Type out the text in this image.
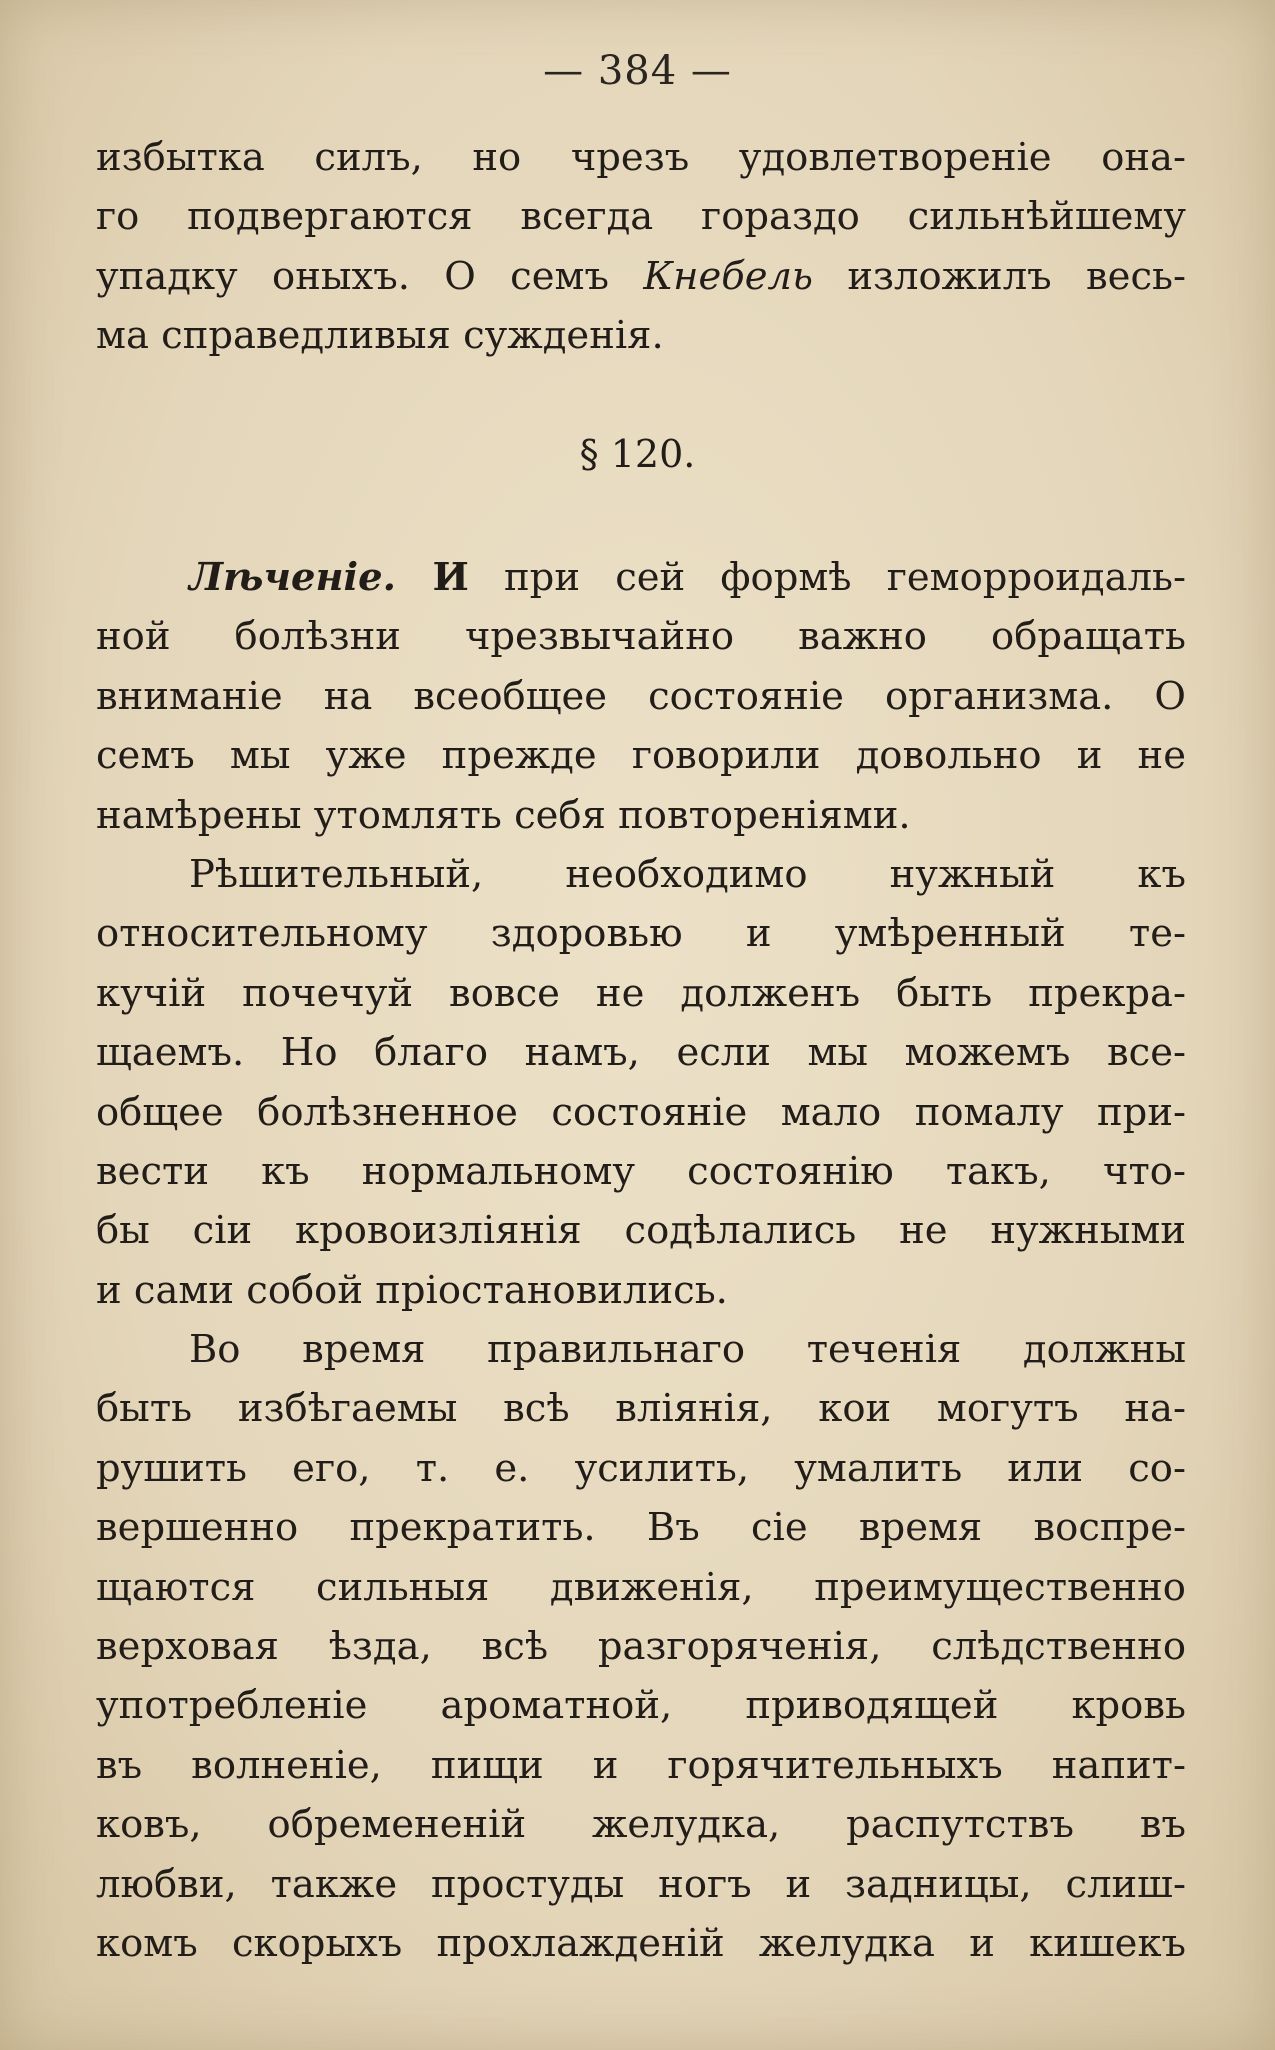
— 384 —
избытка силъ, но чрезъ удовлетвореніе она-
го подвергаются всегда гораздо сильнѣйшему
упадку оныхъ. О семъ Кнебель изложилъ весь-
ма справедливыя сужденія.
§ 120.
Лѣченіе. И при сей формѣ геморроидаль-
ной болѣзни чрезвычайно важно обращать
вниманіе на всеобщее состояніе организма. О
семъ мы уже прежде говорили довольно и не
намѣрены утомлять себя повтореніями.
Рѣшительный, необходимо нужный къ
относительному здоровью и умѣренный те-
кучій почечуй вовсе не долженъ быть прекра-
щаемъ. Но благо намъ, если мы можемъ все-
общее болѣзненное состояніе мало помалу при-
вести къ нормальному состоянію такъ, что-
бы сіи кровоизліянія содѣлались не нужными
и сами собой пріостановились.
Во время правильнаго теченія должны
быть избѣгаемы всѣ вліянія, кои могутъ на-
рушить его, т. е. усилить, умалить или со-
вершенно прекратить. Въ сіе время воспре-
щаются сильныя движенія, преимущественно
верховая ѣзда, всѣ разгоряченія, слѣдственно
употребленіе ароматной, приводящей кровь
въ волненіе, пищи и горячительныхъ напит-
ковъ, обремененій желудка, распутствъ въ
любви, также простуды ногъ и задницы, слиш-
комъ скорыхъ прохлажденій желудка и кишекъ
